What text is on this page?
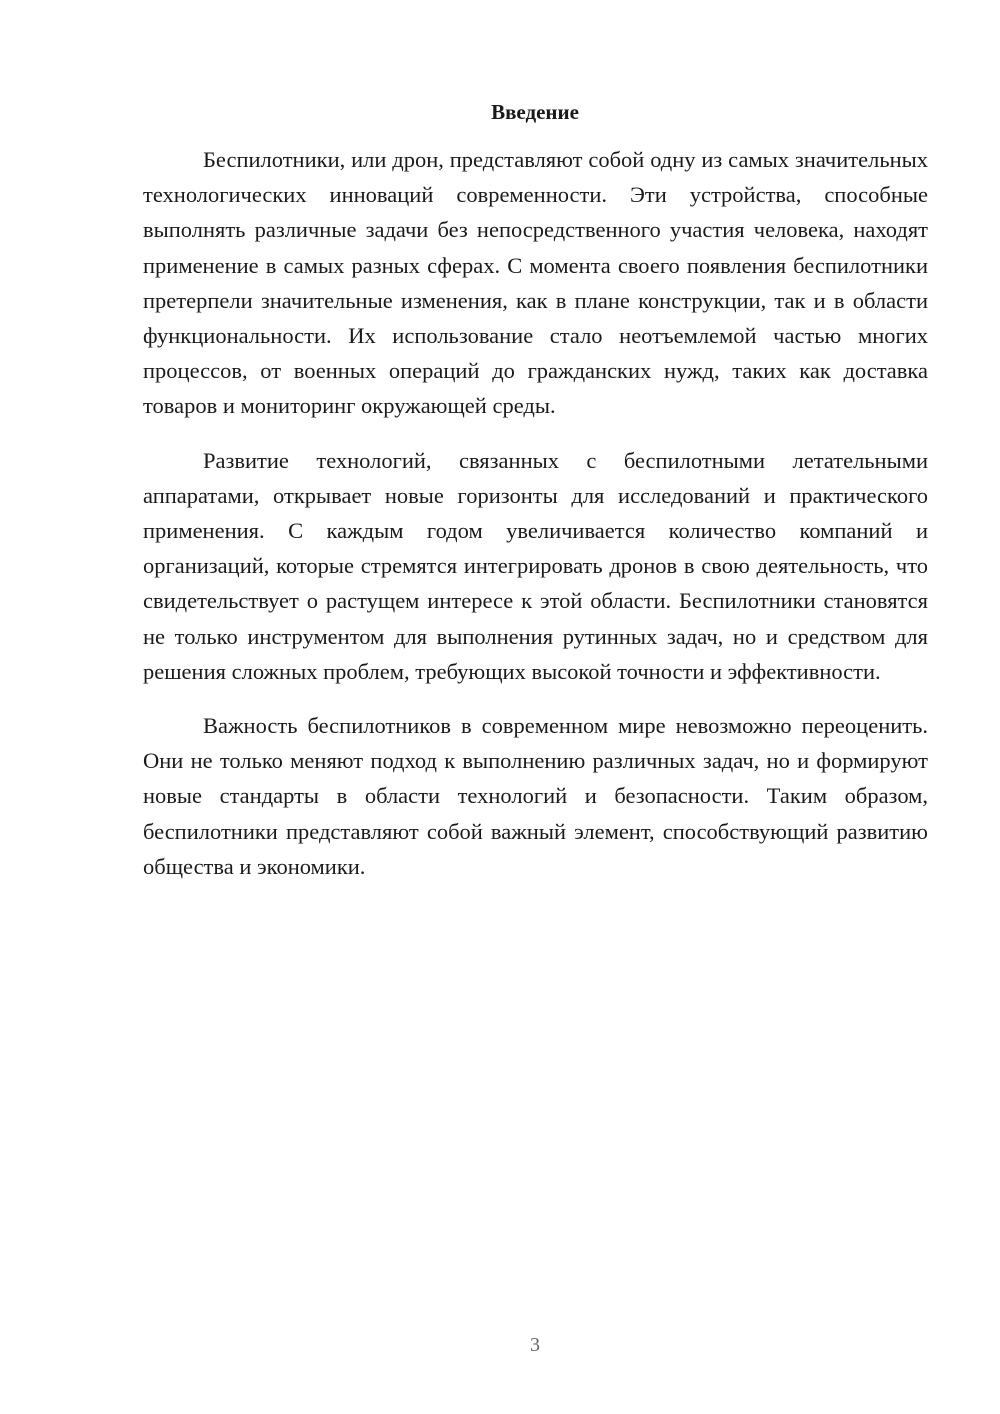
Введение

Беспилотники, или дрон, представляют собой одну из самых значительных технологических инноваций современности. Эти устройства, способные выполнять различные задачи без непосредственного участия человека, находят применение в самых разных сферах. С момента своего появления беспилотники претерпели значительные изменения, как в плане конструкции, так и в области функциональности. Их использование стало неотъемлемой частью многих процессов, от военных операций до гражданских нужд, таких как доставка товаров и мониторинг окружающей среды.

Развитие технологий, связанных с беспилотными летательными аппаратами, открывает новые горизонты для исследований и практического применения. С каждым годом увеличивается количество компаний и организаций, которые стремятся интегрировать дронов в свою деятельность, что свидетельствует о растущем интересе к этой области. Беспилотники становятся не только инструментом для выполнения рутинных задач, но и средством для решения сложных проблем, требующих высокой точности и эффективности.

Важность беспилотников в современном мире невозможно переоценить. Они не только меняют подход к выполнению различных задач, но и формируют новые стандарты в области технологий и безопасности. Таким образом, беспилотники представляют собой важный элемент, способствующий развитию общества и экономики.

3
